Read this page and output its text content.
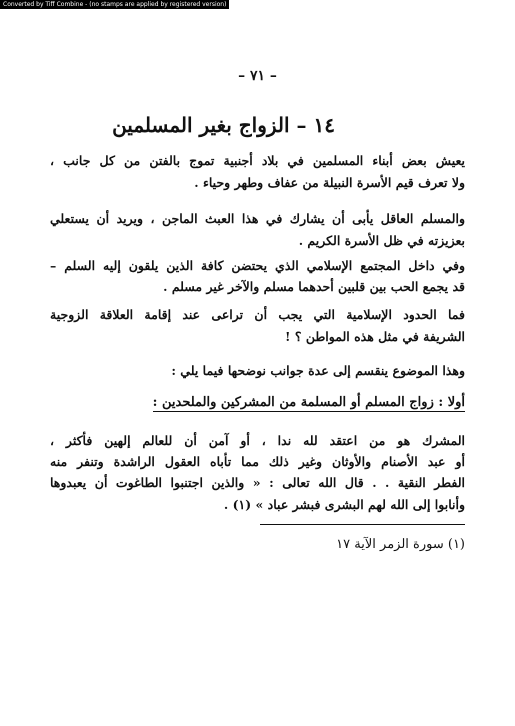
Converted by Tiff Combine - (no stamps are applied by registered version)
– ٧١ –
١٤ – الزواج بغير المسلمين
يعيش بعض أبناء المسلمين في بلاد أجنبية تموج بالفتن من كل جانب ،
ولا تعرف قيم الأسرة النبيلة من عفاف وطهر وحياء .
والمسلم العاقل يأبى أن يشارك في هذا العبث الماجن ، ويريد أن يستعلي
بعزيزته في ظل الأسرة الكريم .
وفي داخل المجتمع الإسلامي الذي يحتضن كافة الذين يلقون إليه السلم –
قد يجمع الحب بين قلبين أحدهما مسلم والآخر غير مسلم .
فما الحدود الإسلامية التي يجب أن تراعى عند إقامة العلاقة الزوجية
الشريفة في مثل هذه المواطن ؟ !
وهذا الموضوع ينقسم إلى عدة جوانب نوضحها فيما يلي :
أولا : زواج المسلم أو المسلمة من المشركين والملحدين :
المشرك هو من اعتقد لله ندا ، أو آمن أن للعالم إلهين فأكثر ،
أو عبد الأصنام والأوثان وغير ذلك مما تأباه العقول الراشدة وتنفر منه
الفطر النقية . . قال الله تعالى : « والذين اجتنبوا الطاغوت أن يعبدوها
وأنابوا إلى الله لهم البشرى فبشر عباد » (١) .
(١) سورة الزمر الآية ١٧
